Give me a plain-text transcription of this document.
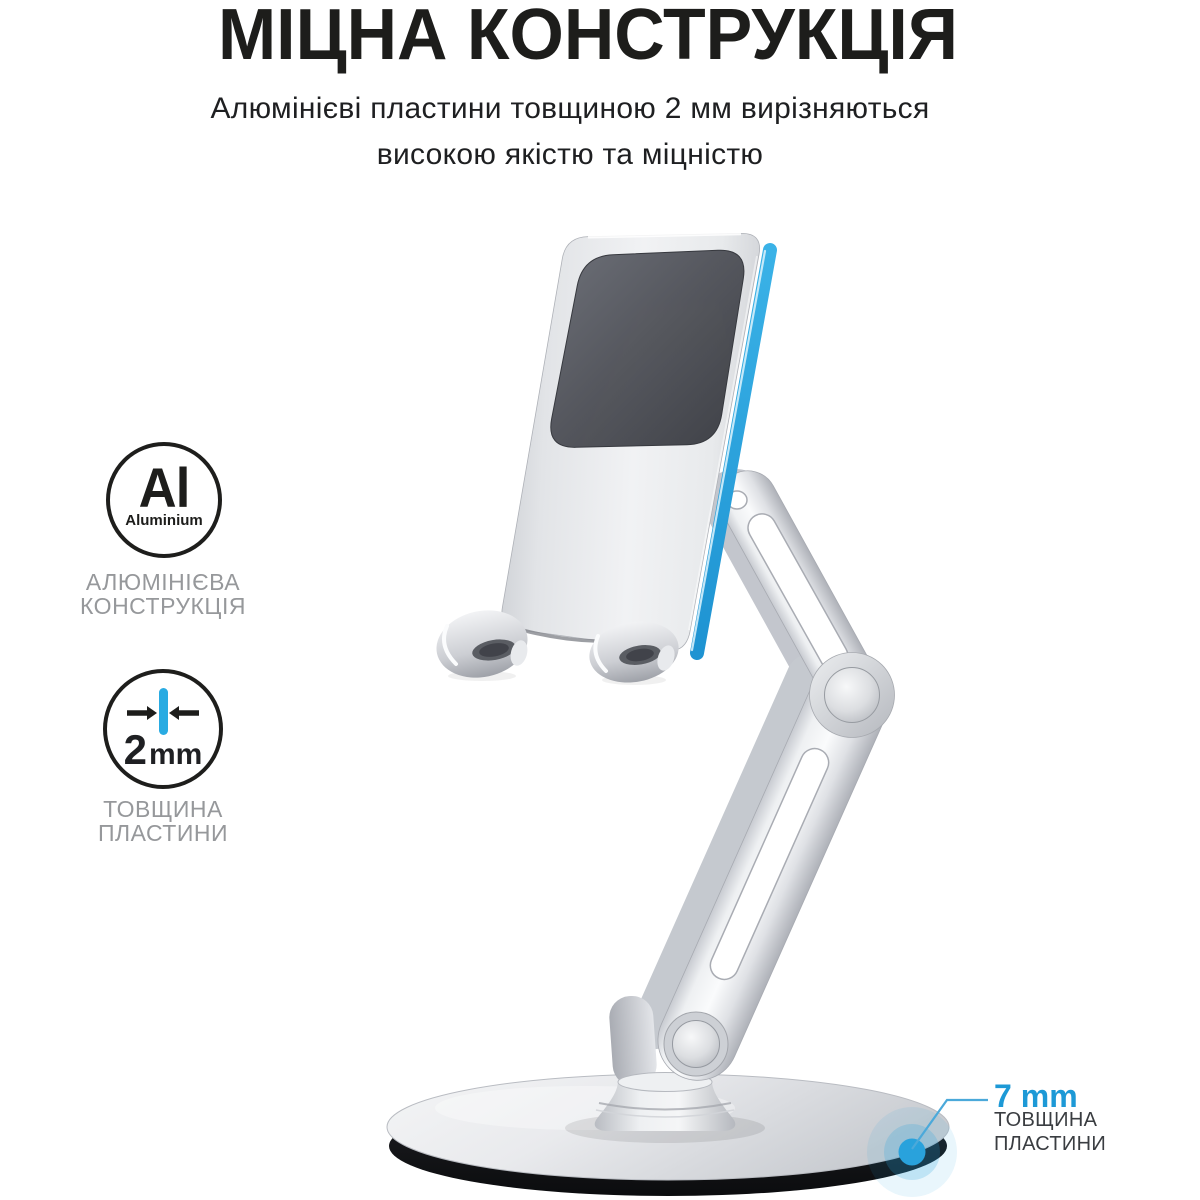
МІЦНА КОНСТРУКЦІЯ
Алюмінієві пластини товщиною 2 мм вирізняються
високою якістю та міцністю
Al
Aluminium
АЛЮМІНІЄВА
КОНСТРУКЦІЯ
2mm
ТОВЩИНА
ПЛАСТИНИ
7 mm
ТОВЩИНА
ПЛАСТИНИ
